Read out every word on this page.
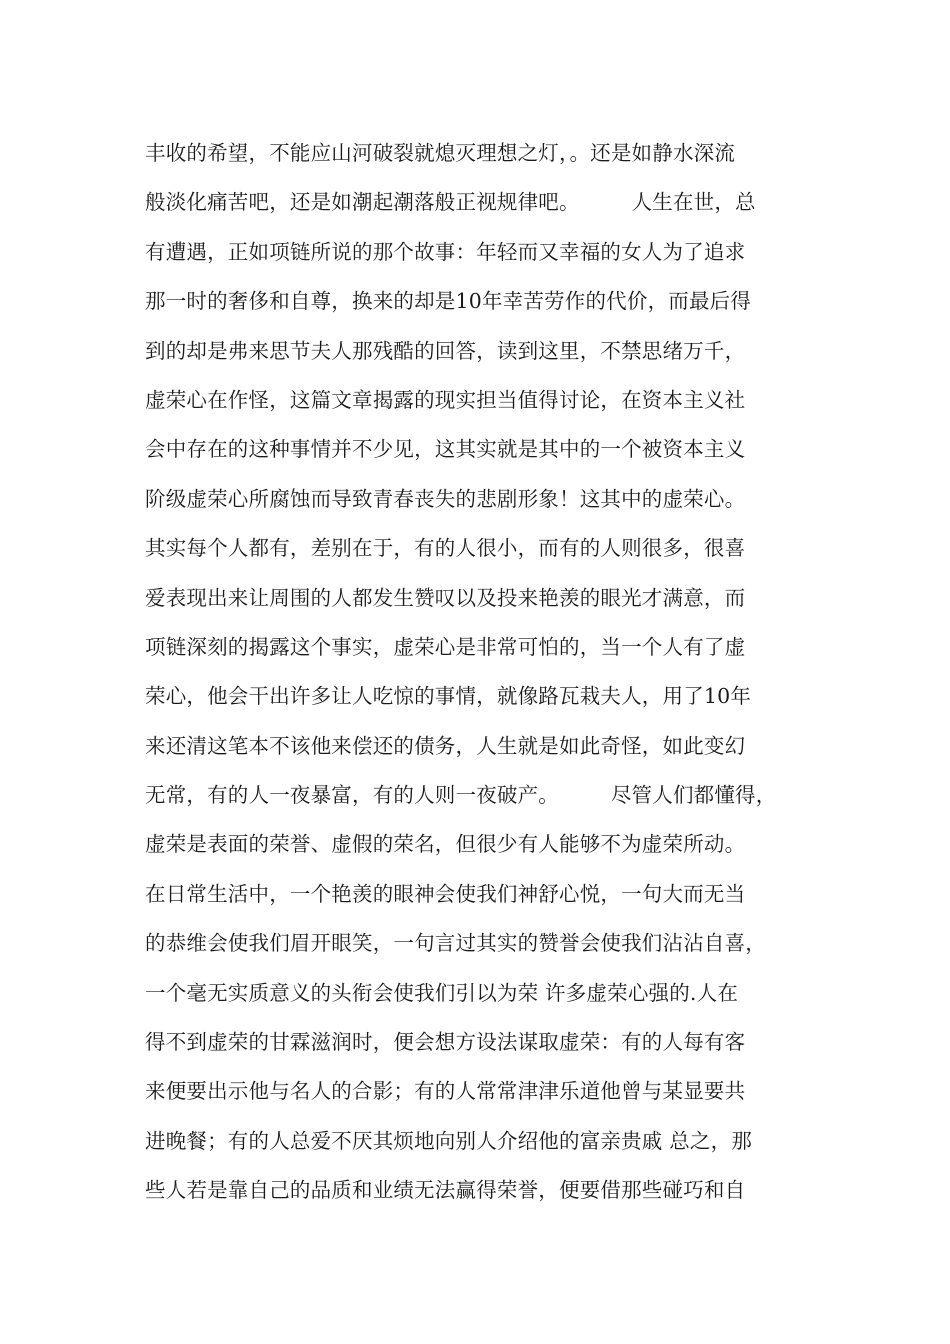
丰收的希望，不能应山河破裂就熄灭理想之灯，。还是如静水深流
般淡化痛苦吧，还是如潮起潮落般正视规律吧。　　　人生在世，总
有遭遇，正如项链所说的那个故事：年轻而又幸福的女人为了追求
那一时的奢侈和自尊，换来的却是10年幸苦劳作的代价，而最后得
到的却是弗来思节夫人那残酷的回答，读到这里，不禁思绪万千，
虚荣心在作怪，这篇文章揭露的现实担当值得讨论，在资本主义社
会中存在的这种事情并不少见，这其实就是其中的一个被资本主义
阶级虚荣心所腐蚀而导致青春丧失的悲剧形象！这其中的虚荣心。
其实每个人都有，差别在于，有的人很小，而有的人则很多，很喜
爱表现出来让周围的人都发生赞叹以及投来艳羡的眼光才满意，而
项链深刻的揭露这个事实，虚荣心是非常可怕的，当一个人有了虚
荣心，他会干出许多让人吃惊的事情，就像路瓦栽夫人，用了10年
来还清这笔本不该他来偿还的债务，人生就是如此奇怪，如此变幻
无常，有的人一夜暴富，有的人则一夜破产。　　　尽管人们都懂得，
虚荣是表面的荣誉、虚假的荣名，但很少有人能够不为虚荣所动。
在日常生活中，一个艳羡的眼神会使我们神舒心悦，一句大而无当
的恭维会使我们眉开眼笑，一句言过其实的赞誉会使我们沾沾自喜，
一个毫无实质意义的头衔会使我们引以为荣 许多虚荣心强的.人在
得不到虚荣的甘霖滋润时，便会想方设法谋取虚荣：有的人每有客
来便要出示他与名人的合影；有的人常常津津乐道他曾与某显要共
进晚餐；有的人总爱不厌其烦地向别人介绍他的富亲贵戚 总之，那
些人若是靠自己的品质和业绩无法赢得荣誉，便要借那些碰巧和自
